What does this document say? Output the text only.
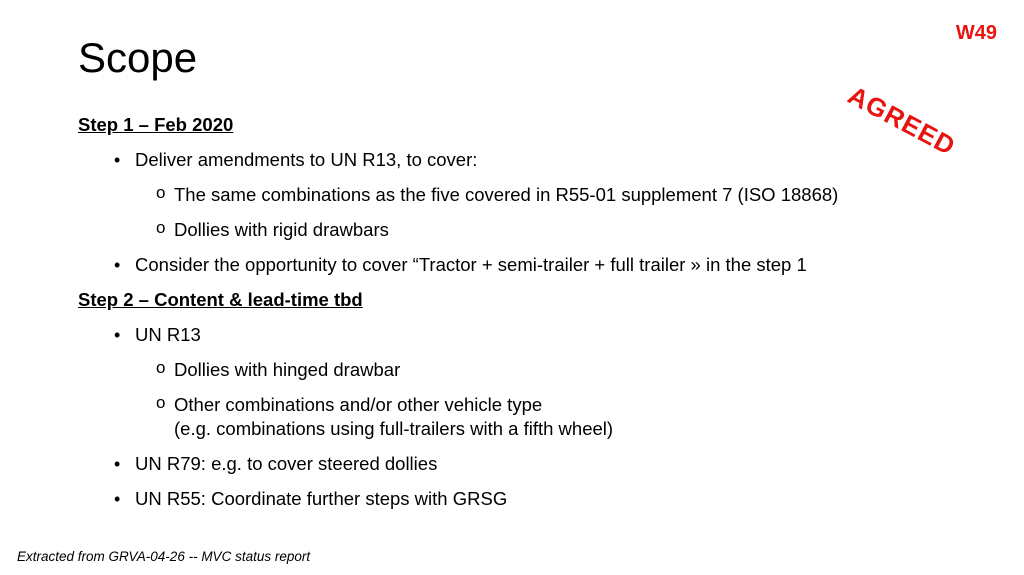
Scope
W49
AGREED
Step 1 – Feb 2020
• Deliver amendments to UN R13, to cover:
o The same combinations as the five covered in R55-01 supplement 7 (ISO 18868)
o Dollies with rigid drawbars
• Consider the opportunity to cover “Tractor + semi-trailer + full trailer » in the step 1
Step 2 – Content & lead-time tbd
• UN R13
o Dollies with hinged drawbar
o Other combinations and/or other vehicle type
(e.g. combinations using full-trailers with a fifth wheel)
• UN R79: e.g. to cover steered dollies
• UN R55: Coordinate further steps with GRSG
Extracted from GRVA-04-26 -- MVC status report
